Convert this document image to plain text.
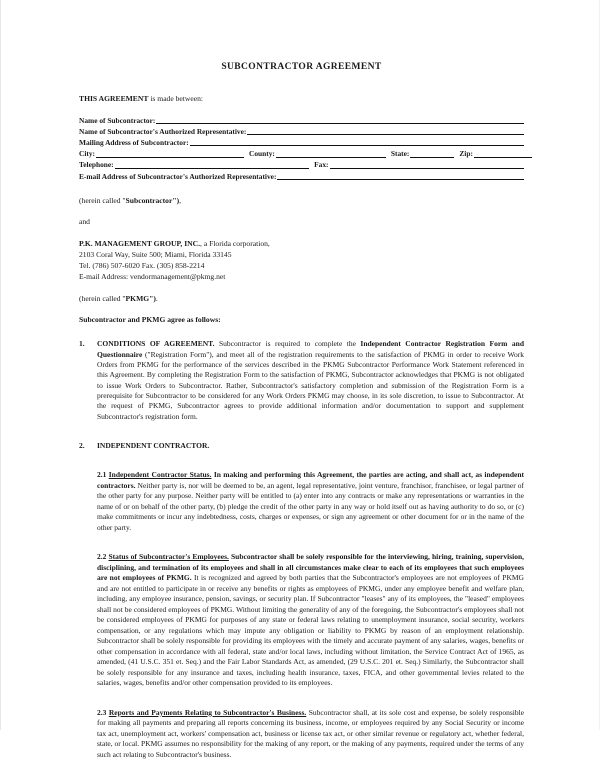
SUBCONTRACTOR AGREEMENT
THIS AGREEMENT is made between:
Name of Subcontractor:
Name of Subcontractor's Authorized Representative:
Mailing Address of Subcontractor:
City:	County:	State:	Zip:
Telephone:	Fax:
E-mail Address of Subcontractor's Authorized Representative:
(herein called "Subcontractor"),
and
P.K. MANAGEMENT GROUP, INC., a Florida corporation,
2103 Coral Way, Suite 500; Miami, Florida 33145
Tel. (786) 507-6020 Fax. (305) 858-2214
E-mail Address: vendormanagement@pkmg.net
(herein called "PKMG").
Subcontractor and PKMG agree as follows:
1.	CONDITIONS OF AGREEMENT. Subcontractor is required to complete the Independent Contractor Registration Form and Questionnaire ("Registration Form"), and meet all of the registration requirements to the satisfaction of PKMG in order to receive Work Orders from PKMG for the performance of the services described in the PKMG Subcontractor Performance Work Statement referenced in this Agreement. By completing the Registration Form to the satisfaction of PKMG, Subcontractor acknowledges that PKMG is not obligated to issue Work Orders to Subcontractor. Rather, Subcontractor's satisfactory completion and submission of the Registration Form is a prerequisite for Subcontractor to be considered for any Work Orders PKMG may choose, in its sole discretion, to issue to Subcontractor. At the request of PKMG, Subcontractor agrees to provide additional information and/or documentation to support and supplement Subcontractor's registration form.
2.	INDEPENDENT CONTRACTOR.
2.1 Independent Contractor Status. In making and performing this Agreement, the parties are acting, and shall act, as independent contractors. Neither party is, nor will be deemed to be, an agent, legal representative, joint venture, franchisor, franchisee, or legal partner of the other party for any purpose. Neither party will be entitled to (a) enter into any contracts or make any representations or warranties in the name of or on behalf of the other party, (b) pledge the credit of the other party in any way or hold itself out as having authority to do so, or (c) make commitments or incur any indebtedness, costs, charges or expenses, or sign any agreement or other document for or in the name of the other party.
2.2 Status of Subcontractor's Employees. Subcontractor shall be solely responsible for the interviewing, hiring, training, supervision, disciplining, and termination of its employees and shall in all circumstances make clear to each of its employees that such employees are not employees of PKMG. It is recognized and agreed by both parties that the Subcontractor's employees are not employees of PKMG and are not entitled to participate in or receive any benefits or rights as employees of PKMG, under any employee benefit and welfare plan, including, any employee insurance, pension, savings, or security plan. If Subcontractor "leases" any of its employees, the "leased" employees shall not be considered employees of PKMG. Without limiting the generality of any of the foregoing, the Subcontractor's employees shall not be considered employees of PKMG for purposes of any state or federal laws relating to unemployment insurance, social security, workers compensation, or any regulations which may impute any obligation or liability to PKMG by reason of an employment relationship. Subcontractor shall be solely responsible for providing its employees with the timely and accurate payment of any salaries, wages, benefits or other compensation in accordance with all federal, state and/or local laws, including without limitation, the Service Contract Act of 1965, as amended, (41 U.S.C. 351 et. Seq.) and the Fair Labor Standards Act, as amended, (29 U.S.C. 201 et. Seq.) Similarly, the Subcontractor shall be solely responsible for any insurance and taxes, including health insurance, taxes, FICA, and other governmental levies related to the salaries, wages, benefits and/or other compensation provided to its employees.
2.3 Reports and Payments Relating to Subcontractor's Business. Subcontractor shall, at its sole cost and expense, be solely responsible for making all payments and preparing all reports concerning its business, income, or employees required by any Social Security or income tax act, unemployment act, workers' compensation act, business or license tax act, or other similar revenue or regulatory act, whether federal, state, or local. PKMG assumes no responsibility for the making of any report, or the making of any payments, required under the terms of any such act relating to Subcontractor's business.
